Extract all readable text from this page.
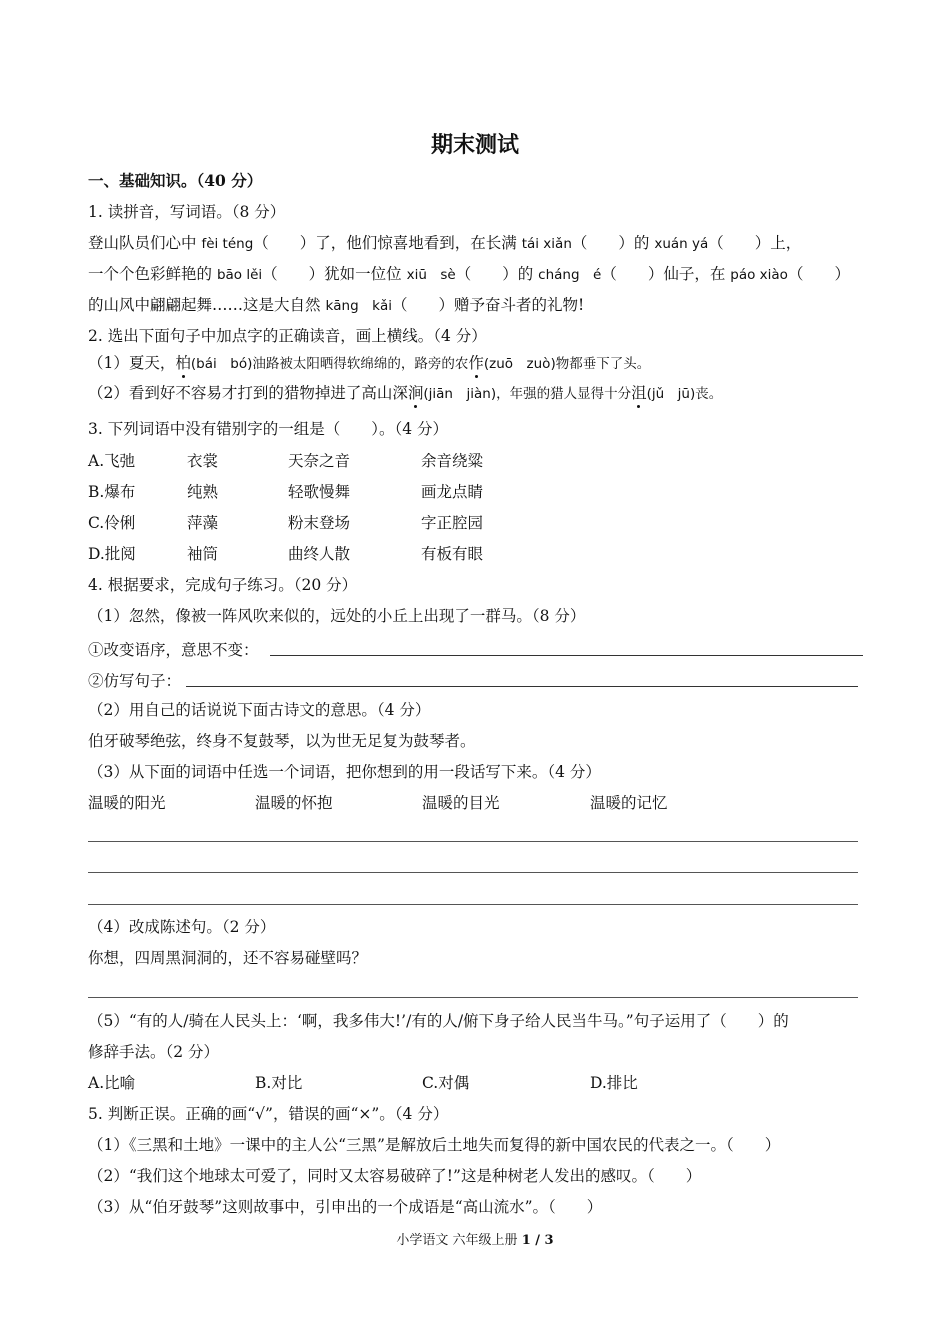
期末测试
一、基础知识。（40 分）
1. 读拼音，写词语。（8 分）
登山队员们心中 fèi téng（　　）了，他们惊喜地看到，在长满 tái xiǎn（　　）的 xuán yá（　　）上，
一个个色彩鲜艳的 bāo lěi（　　）犹如一位位 xiū　sè（　　）的 cháng　é（　　）仙子，在 páo xiào（　　）
的山风中翩翩起舞……这是大自然 kāng　kǎi（　　）赠予奋斗者的礼物!
2. 选出下面句子中加点字的正确读音，画上横线。（4 分）
（1）夏天，柏(bái　bó)油路被太阳晒得软绵绵的，路旁的农作(zuō　zuò)物都垂下了头。
（2）看到好不容易才打到的猎物掉进了高山深涧(jiān　jiàn)，年强的猎人显得十分沮(jǔ　jū)丧。
3. 下列词语中没有错别字的一组是（　　）。（4 分）
A.飞弛	衣裳	天奈之音	余音绕粱
B.爆布	纯熟	轻歌慢舞	画龙点睛
C.伶俐	萍藻	粉末登场	字正腔园
D.批阅	袖筒	曲终人散	有板有眼
4. 根据要求，完成句子练习。（20 分）
（1）忽然，像被一阵风吹来似的，远处的小丘上出现了一群马。（8 分）
①改变语序，意思不变：
②仿写句子：
（2）用自己的话说说下面古诗文的意思。（4 分）
伯牙破琴绝弦，终身不复鼓琴，以为世无足复为鼓琴者。
（3）从下面的词语中任选一个词语，把你想到的用一段话写下来。（4 分）
温暖的阳光	温暖的怀抱	温暖的目光	温暖的记忆
（4）改成陈述句。（2 分）
你想，四周黑洞洞的，还不容易碰壁吗？
（5）“有的人/骑在人民头上：‘啊，我多伟大!’/有的人/俯下身子给人民当牛马。”句子运用了（　　）的
修辞手法。（2 分）
A.比喻	B.对比	C.对偶	D.排比
5. 判断正误。正确的画“√”，错误的画“×”。（4 分）
（1）《三黑和土地》一课中的主人公“三黑”是解放后土地失而复得的新中国农民的代表之一。（　　）
（2）“我们这个地球太可爱了，同时又太容易破碎了!”这是种树老人发出的感叹。（　　）
（3）从“伯牙鼓琴”这则故事中，引申出的一个成语是“高山流水”。（　　）
小学语文 六年级上册 1 / 3
